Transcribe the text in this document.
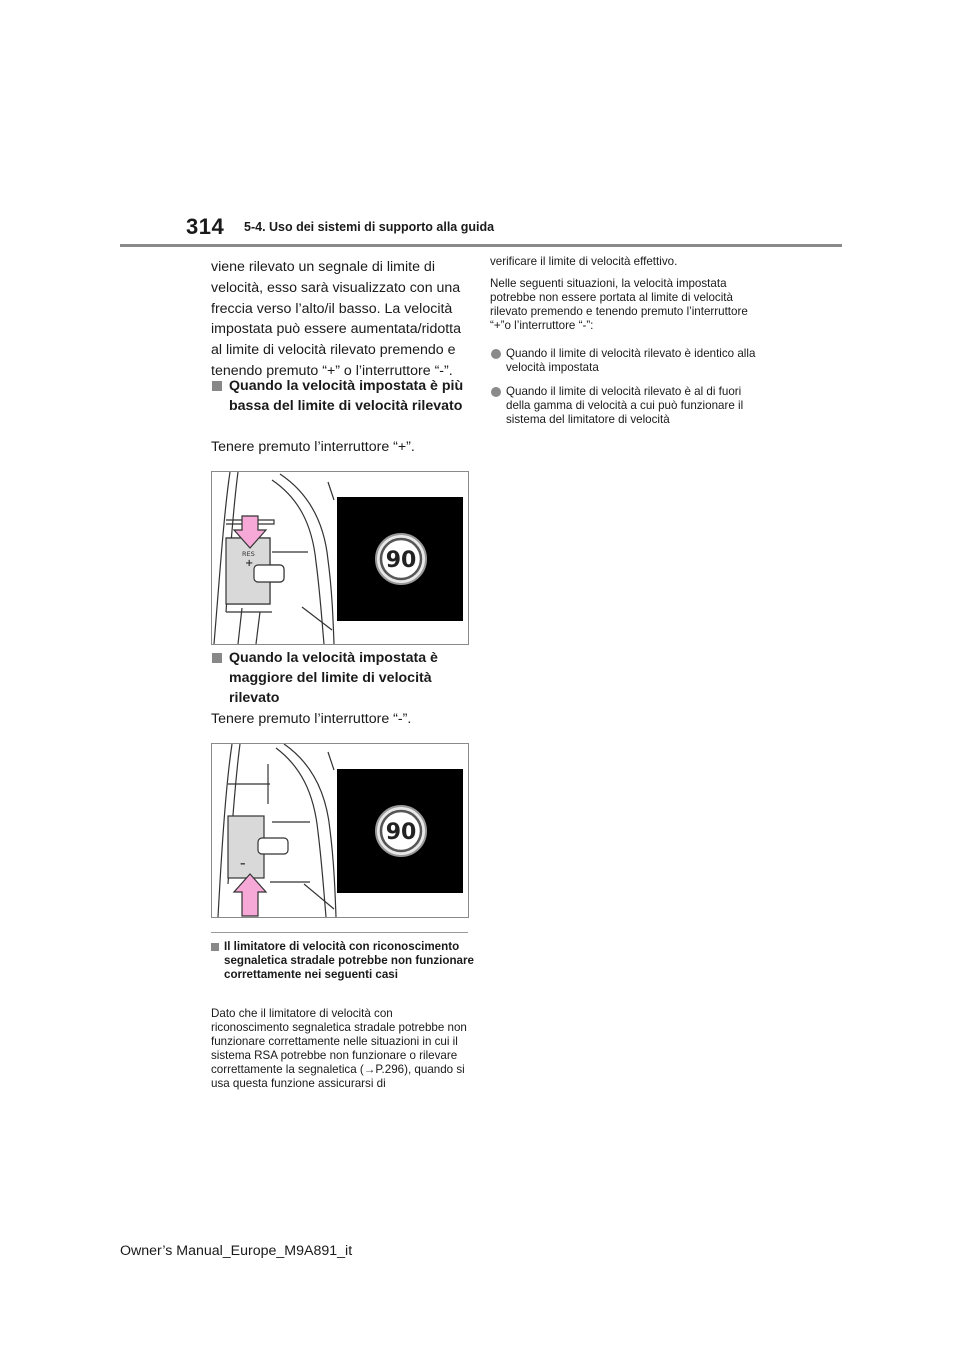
314 5-4. Uso dei sistemi di supporto alla guida
viene rilevato un segnale di limite di velocità, esso sarà visualizzato con una freccia verso l’alto/il basso. La velocità impostata può essere aumentata/ridotta al limite di velocità rilevato premendo e tenendo premuto “+” o l’interruttore “-”.
Quando la velocità impostata è più bassa del limite di velocità rilevato
Tenere premuto l’interruttore “+”.
RES
+	90
Quando la velocità impostata è maggiore del limite di velocità rilevato
Tenere premuto l’interruttore “-”.
–
90
Il limitatore di velocità con riconoscimento segnaletica stradale potrebbe non funzionare correttamente nei seguenti casi
Dato che il limitatore di velocità con riconoscimento segnaletica stradale potrebbe non funzionare correttamente nelle situazioni in cui il sistema RSA potrebbe non funzionare o rilevare correttamente la segnaletica (→P.296), quando si usa questa funzione assicurarsi di
verificare il limite di velocità effettivo.
Nelle seguenti situazioni, la velocità impostata potrebbe non essere portata al limite di velocità rilevato premendo e tenendo premuto l’interruttore “+”o l’interruttore “-”:
Quando il limite di velocità rilevato è identico alla velocità impostata
Quando il limite di velocità rilevato è al di fuori della gamma di velocità a cui può funzionare il sistema del limitatore di velocità
Owner’s Manual_Europe_M9A891_it
